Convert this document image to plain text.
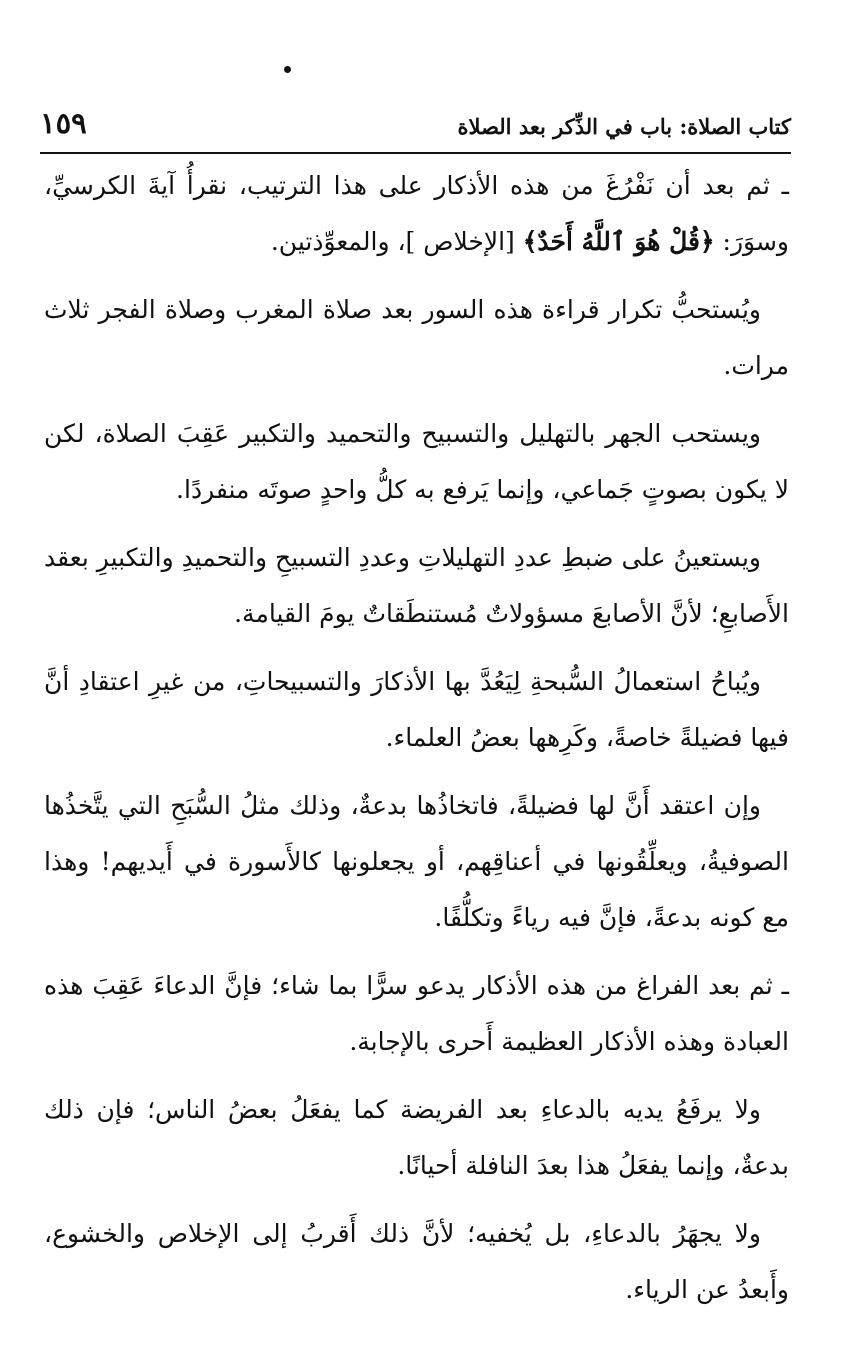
كتاب الصلاة: باب في الذِّكر بعد الصلاة
١٥٩

ـ ثم بعد أن نَفْرُغَ من هذه الأذكار على هذا الترتيب، نقرأُ آيةَ الكرسيِّ، وسوَرَ: ﴿قُلْ هُوَ ٱللَّهُ أَحَدٌ﴾ [الإخلاص ]، والمعوِّذتين.

ويُستحبُّ تكرار قراءة هذه السور بعد صلاة المغرب وصلاة الفجر ثلاث مرات.

ويستحب الجهر بالتهليل والتسبيح والتحميد والتكبير عَقِبَ الصلاة، لكن لا يكون بصوتٍ جَماعي، وإنما يَرفع به كلُّ واحدٍ صوتَه منفردًا.

ويستعينُ على ضبطِ عددِ التهليلاتِ وعددِ التسبيحِ والتحميدِ والتكبيرِ بعقد الأَصابعِ؛ لأنَّ الأصابعَ مسؤولاتٌ مُستنطَقاتٌ يومَ القيامة.

ويُباحُ استعمالُ السُّبحةِ لِيَعُدَّ بها الأذكارَ والتسبيحاتِ، من غيرِ اعتقادِ أنَّ فيها فضيلةً خاصةً، وكَرِهها بعضُ العلماء.

وإن اعتقد أَنَّ لها فضيلةً، فاتخاذُها بدعةٌ، وذلك مثلُ السُّبَحِ التي يتَّخذُها الصوفيةُ، ويعلِّقُونها في أعناقِهم، أو يجعلونها كالأَسورة في أَيديهم! وهذا مع كونه بدعةً، فإنَّ فيه رياءً وتكلُّفًا.

ـ ثم بعد الفراغ من هذه الأذكار يدعو سرًّا بما شاء؛ فإنَّ الدعاءَ عَقِبَ هذه العبادة وهذه الأذكار العظيمة أَحرى بالإجابة.

ولا يرفَعُ يديه بالدعاءِ بعد الفريضة كما يفعَلُ بعضُ الناس؛ فإن ذلك بدعةٌ، وإنما يفعَلُ هذا بعدَ النافلة أحيانًا.

ولا يجهَرُ بالدعاءِ، بل يُخفيه؛ لأنَّ ذلك أَقربُ إلى الإخلاص والخشوع، وأَبعدُ عن الرياء.
